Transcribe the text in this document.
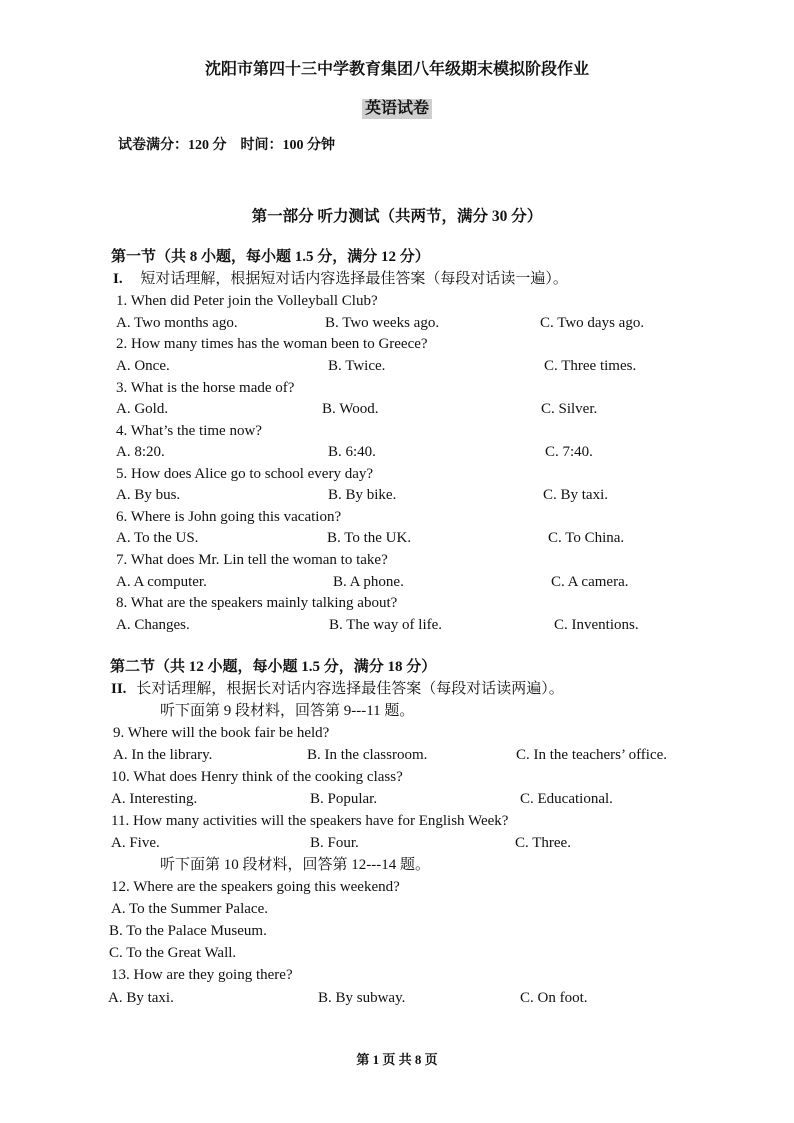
沈阳市第四十三中学教育集团八年级期末模拟阶段作业
英语试卷
试卷满分：120 分　时间：100 分钟
第一部分 听力测试（共两节，满分 30 分）
第一节（共 8 小题，每小题 1.5 分，满分 12 分）
I. 短对话理解，根据短对话内容选择最佳答案（每段对话读一遍）。
1. When did Peter join the Volleyball Club?
A. Two months ago.	B. Two weeks ago.	C. Two days ago.
2. How many times has the woman been to Greece?
A. Once.	B. Twice.	C. Three times.
3. What is the horse made of?
A. Gold.	B. Wood.	C. Silver.
4. What’s the time now?
A. 8:20.	B. 6:40.	C. 7:40.
5. How does Alice go to school every day?
A. By bus.	B. By bike.	C. By taxi.
6. Where is John going this vacation?
A. To the US.	B. To the UK.	C. To China.
7. What does Mr. Lin tell the woman to take?
A. A computer.	B. A phone.	C. A camera.
8. What are the speakers mainly talking about?
A. Changes.	B. The way of life.	C. Inventions.
第二节（共 12 小题，每小题 1.5 分，满分 18 分）
II. 长对话理解，根据长对话内容选择最佳答案（每段对话读两遍）。
听下面第 9 段材料，回答第 9---11 题。
9. Where will the book fair be held?
A. In the library.	B. In the classroom.	C. In the teachers’ office.
10. What does Henry think of the cooking class?
A. Interesting.	B. Popular.	C. Educational.
11. How many activities will the speakers have for English Week?
A. Five.	B. Four.	C. Three.
听下面第 10 段材料，回答第 12---14 题。
12. Where are the speakers going this weekend?
A. To the Summer Palace.
B. To the Palace Museum.
C. To the Great Wall.
13. How are they going there?
A. By taxi.	B. By subway.	C. On foot.
第 1 页 共 8 页
